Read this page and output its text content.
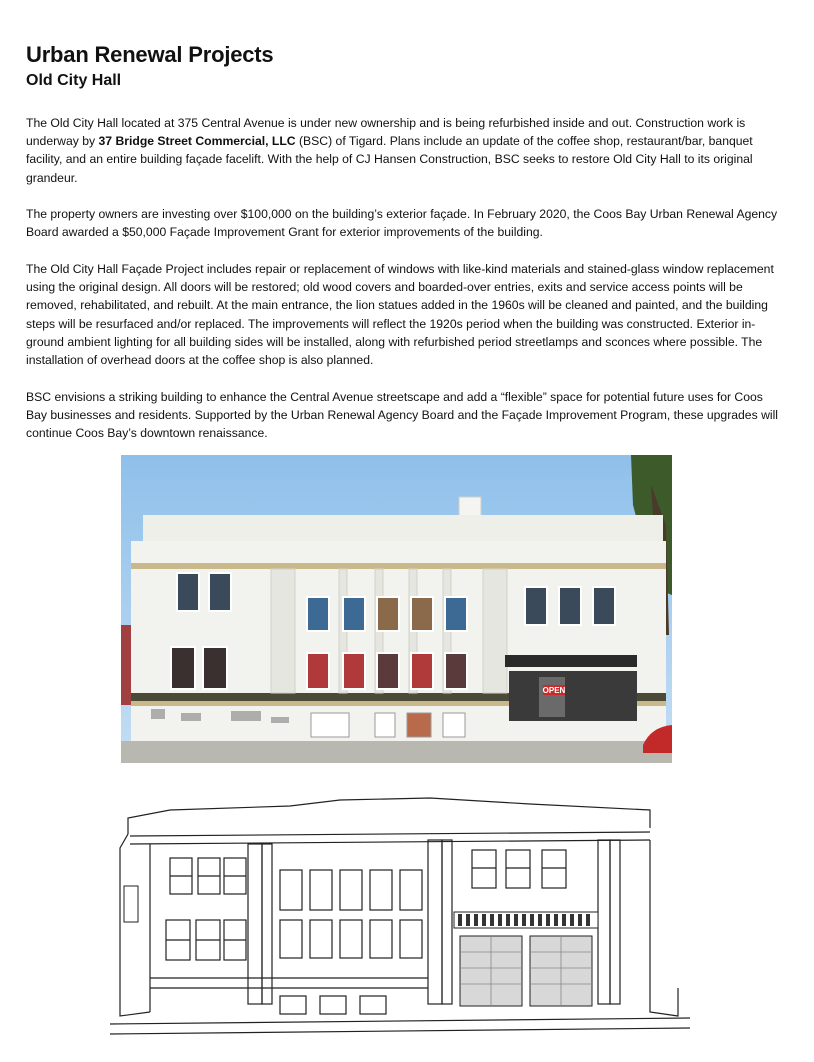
Urban Renewal Projects
Old City Hall

The Old City Hall located at 375 Central Avenue is under new ownership and is being refurbished inside and out. Construction work is underway by 37 Bridge Street Commercial, LLC (BSC) of Tigard. Plans include an update of the coffee shop, restaurant/bar, banquet facility, and an entire building façade facelift. With the help of CJ Hansen Construction, BSC seeks to restore Old City Hall to its original grandeur.

The property owners are investing over $100,000 on the building’s exterior façade. In February 2020, the Coos Bay Urban Renewal Agency Board awarded a $50,000 Façade Improvement Grant for exterior improvements of the building.

The Old City Hall Façade Project includes repair or replacement of windows with like-kind materials and stained-glass window replacement using the original design. All doors will be restored; old wood covers and boarded-over entries, exits and service access points will be removed, rehabilitated, and rebuilt. At the main entrance, the lion statues added in the 1960s will be cleaned and painted, and the building steps will be resurfaced and/or replaced. The improvements will reflect the 1920s period when the building was constructed. Exterior in-ground ambient lighting for all building sides will be installed, along with refurbished period streetlamps and sconces where possible. The installation of overhead doors at the coffee shop is also planned.

BSC envisions a striking building to enhance the Central Avenue streetscape and add a “flexible” space for potential future uses for Coos Bay businesses and residents. Supported by the Urban Renewal Agency Board and the Façade Improvement Program, these upgrades will continue Coos Bay’s downtown renaissance.

OPEN
